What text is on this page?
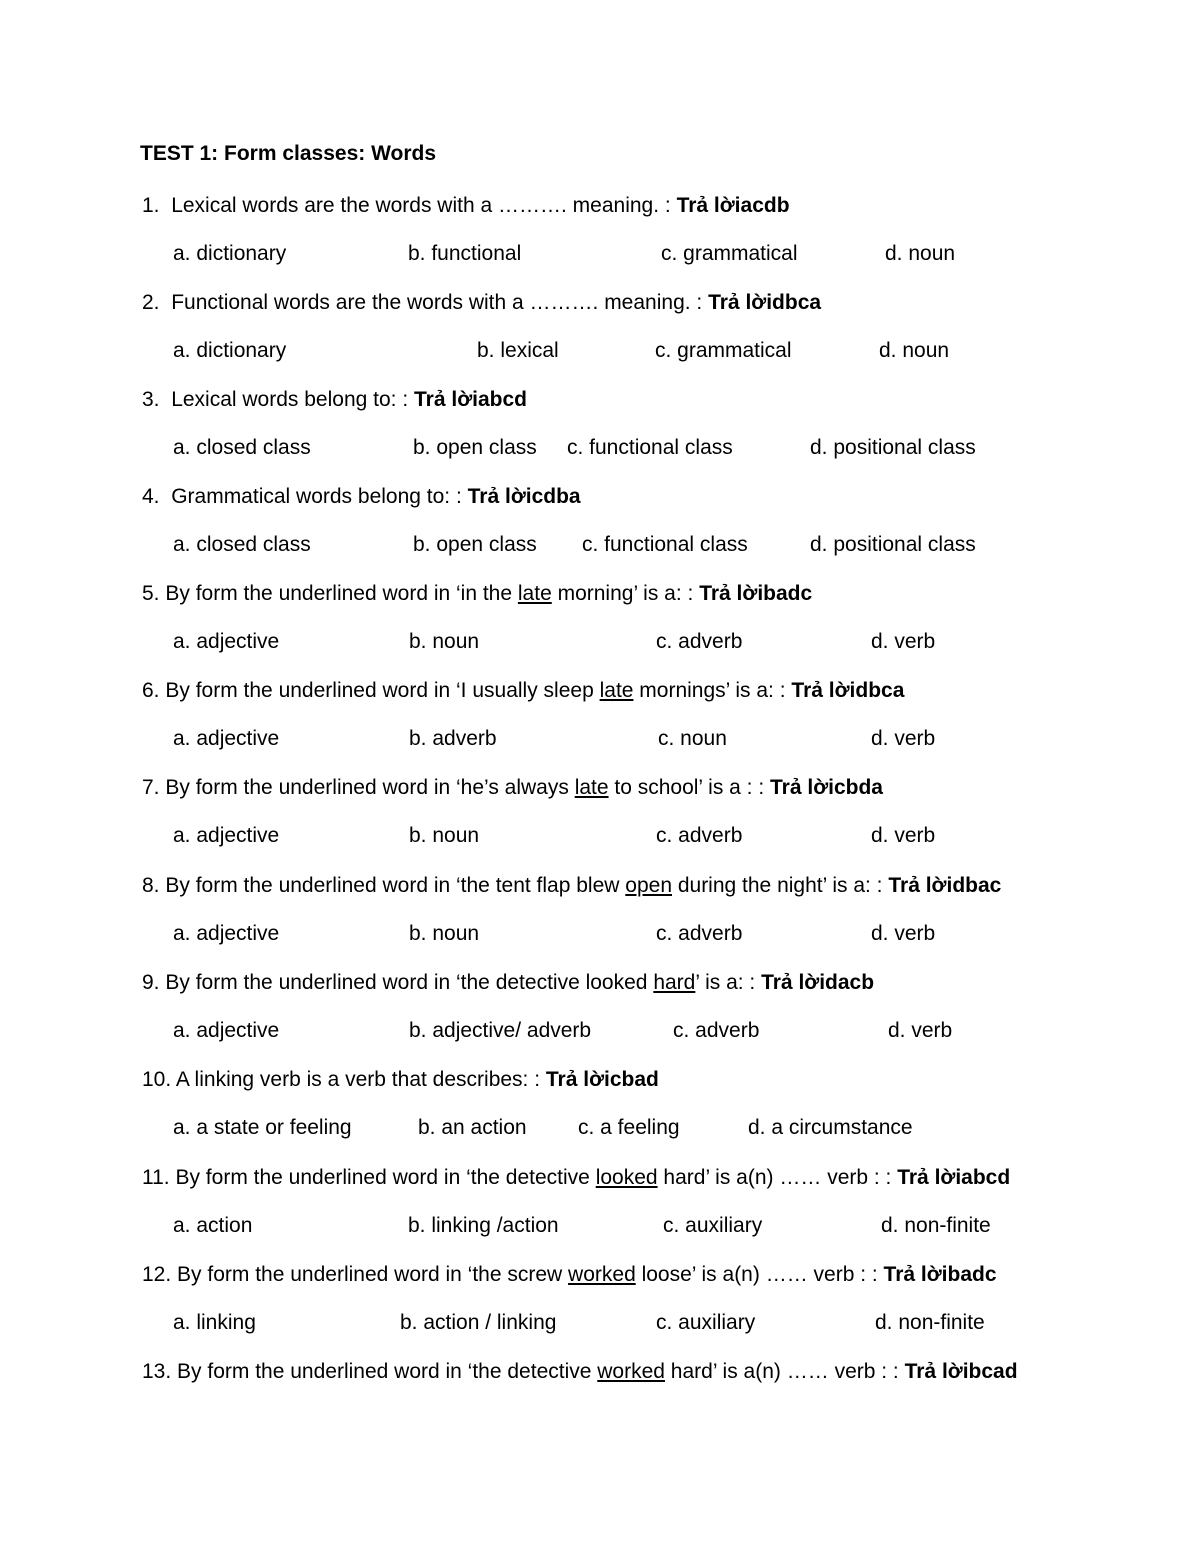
TEST 1: Form classes: Words
1.  Lexical words are the words with a ………. meaning. : Trả lờiacdb
a. dictionary	b. functional	c. grammatical	d. noun
2.  Functional words are the words with a ………. meaning. : Trả lờidbca
a. dictionary	b. lexical	c. grammatical	d. noun
3.  Lexical words belong to: : Trả lờiabcd
a. closed class	b. open class c. functional class	d. positional class
4.  Grammatical words belong to: : Trả lờicdba
a. closed class	b. open class c. functional class	d. positional class
5. By form the underlined word in ‘in the late morning’ is a: : Trả lờibadc
a. adjective	b. noun	c. adverb	d. verb
6. By form the underlined word in ‘I usually sleep late mornings’ is a: : Trả lờidbca
a. adjective	b. adverb	c. noun	d. verb
7. By form the underlined word in ‘he’s always late to school’ is a : : Trả lờicbda
a. adjective	b. noun	c. adverb	d. verb
8. By form the underlined word in ‘the tent flap blew open during the night’ is a: : Trả lờidbac
a. adjective	b. noun	c. adverb	d. verb
9. By form the underlined word in ‘the detective looked hard’ is a: : Trả lờidacb
a. adjective	b. adjective/ adverb	c. adverb	d. verb
10. A linking verb is a verb that describes: : Trả lờicbad
a. a state or feeling	b. an action c. a feeling	d. a circumstance
11. By form the underlined word in ‘the detective looked hard’ is a(n) …… verb : : Trả lờiabcd
a. action	b. linking /action	c. auxiliary	d. non-finite
12. By form the underlined word in ‘the screw worked loose’ is a(n) …… verb : : Trả lờibadc
a. linking	b. action / linking	c. auxiliary	d. non-finite
13. By form the underlined word in ‘the detective worked hard’ is a(n) …… verb : : Trả lờibcad
